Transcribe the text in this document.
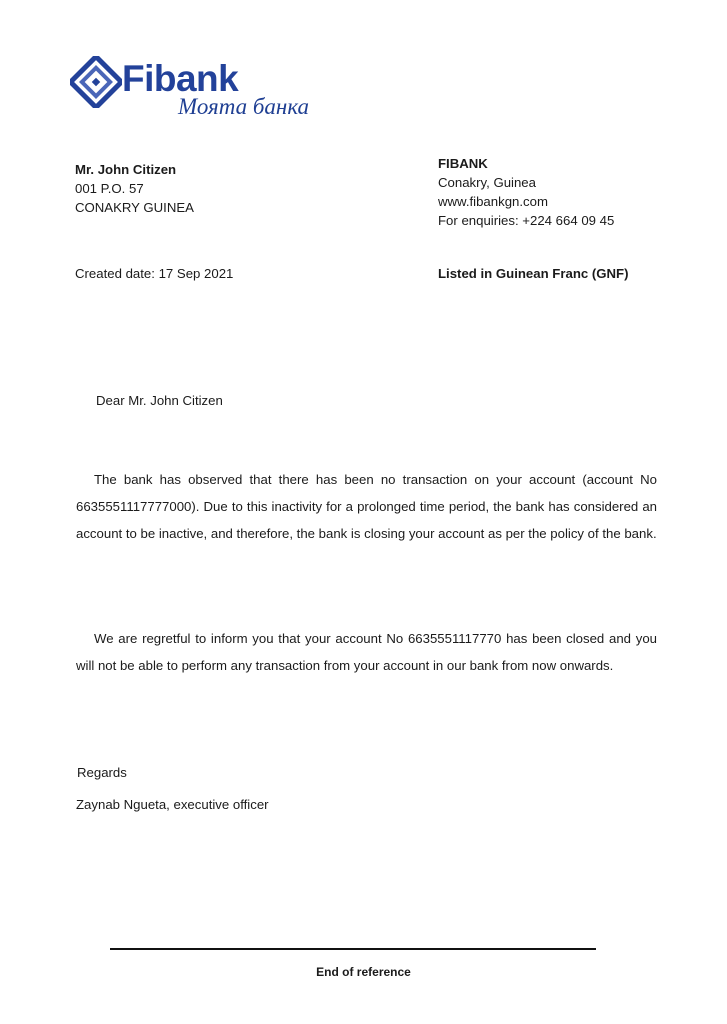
Fibank
Моята банка
Mr. John Citizen
001 P.O. 57
CONAKRY GUINEA
FIBANK
Conakry, Guinea
www.fibankgn.com
For enquiries: +224 664 09 45
Created date: 17 Sep 2021	Listed in Guinean Franc (GNF)
Dear Mr. John Citizen

The bank has observed that there has been no transaction on your account (account No 6635551117777000). Due to this inactivity for a prolonged time period, the bank has considered an account to be inactive, and therefore, the bank is closing your account as per the policy of the bank.

We are regretful to inform you that your account No 6635551117770 has been closed and you will not be able to perform any transaction from your account in our bank from now onwards.

Regards
Zaynab Ngueta, executive officer
End of reference
